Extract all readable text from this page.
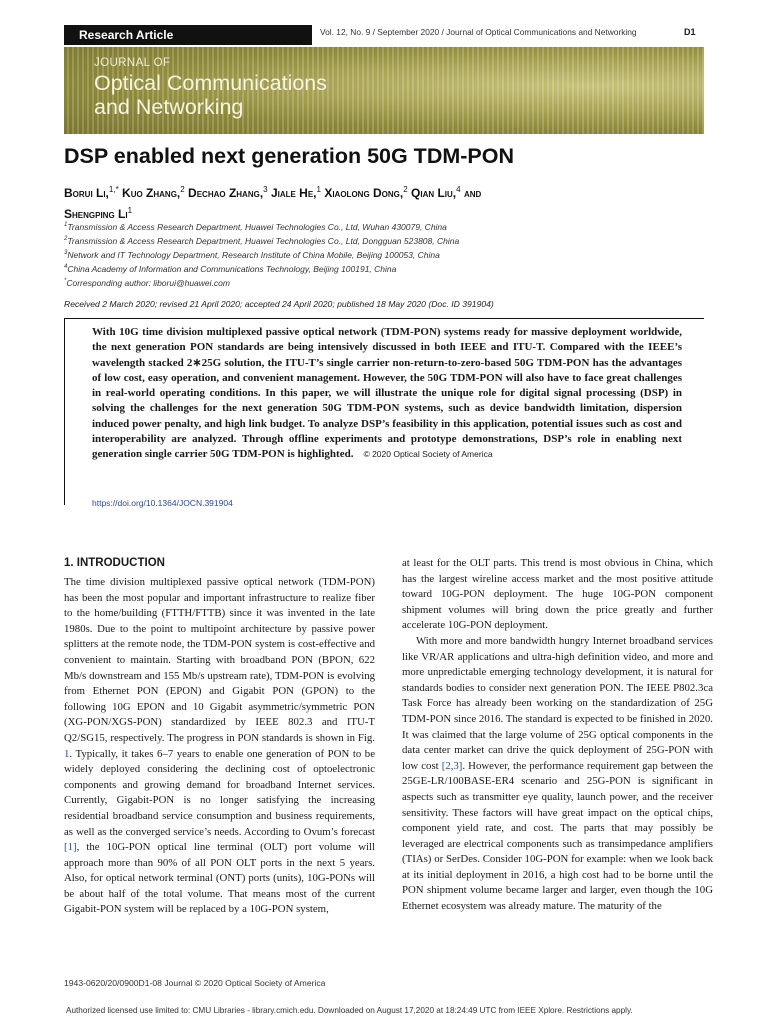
Research Article	Vol. 12, No. 9 / September 2020 / Journal of Optical Communications and Networking	D1
JOURNAL OF
Optical Communications
and Networking
DSP enabled next generation 50G TDM-PON
Borui Li,$^{1,*}$ Kuo Zhang,$^2$ Dechao Zhang,$^3$ Jiale He,$^1$ Xiaolong Dong,$^2$ Qian Liu,$^4$ and
Shengping Li$^1$
$^1$Transmission & Access Research Department, Huawei Technologies Co., Ltd, Wuhan 430079, China
$^2$Transmission & Access Research Department, Huawei Technologies Co., Ltd, Dongguan 523808, China
$^3$Network and IT Technology Department, Research Institute of China Mobile, Beijing 100053, China
$^4$China Academy of Information and Communications Technology, Beijing 100191, China
*Corresponding author: liborui@huawei.com
Received 2 March 2020; revised 21 April 2020; accepted 24 April 2020; published 18 May 2020 (Doc. ID 391904)
With 10G time division multiplexed passive optical network (TDM-PON) systems ready for massive deployment worldwide, the next generation PON standards are being intensively discussed in both IEEE and ITU-T. Compared with the IEEE’s wavelength stacked 2∗25G solution, the ITU-T’s single carrier non-return-to-zero-based 50G TDM-PON has the advantages of low cost, easy operation, and convenient management. However, the 50G TDM-PON will also have to face great challenges in real-world operating conditions. In this paper, we will illustrate the unique role for digital signal processing (DSP) in solving the challenges for the next generation 50G TDM-PON systems, such as device bandwidth limitation, dispersion induced power penalty, and high link budget. To analyze DSP’s feasibility in this application, potential issues such as cost and interoperability are analyzed. Through offline experiments and prototype demonstrations, DSP’s role in enabling next generation single carrier 50G TDM-PON is highlighted. © 2020 Optical Society of America
https://doi.org/10.1364/JOCN.391904
1. INTRODUCTION

The time division multiplexed passive optical network (TDM-PON) has been the most popular and important infrastructure to realize fiber to the home/building (FTTH/FTTB) since it was invented in the late 1980s. Due to the point to multipoint architecture by passive power splitters at the remote node, the TDM-PON system is cost-effective and convenient to maintain. Starting with broadband PON (BPON, 622 Mb/s downstream and 155 Mb/s upstream rate), TDM-PON is evolving from Ethernet PON (EPON) and Gigabit PON (GPON) to the following 10G EPON and 10 Gigabit asymmetric/symmetric PON (XG-PON/XGS-PON) standardized by IEEE 802.3 and ITU-T Q2/SG15, respectively. The progress in PON standards is shown in Fig. 1. Typically, it takes 6–7 years to enable one generation of PON to be widely deployed considering the declining cost of optoelectronic components and growing demand for broadband Internet services. Currently, Gigabit-PON is no longer satisfying the increasing residential broadband service consumption and business requirements, as well as the converged service’s needs. According to Ovum’s forecast [1], the 10G-PON optical line terminal (OLT) port volume will approach more than 90% of all PON OLT ports in the next 5 years. Also, for optical network terminal (ONT) ports (units), 10G-PONs will be about half of the total volume. That means most of the current Gigabit-PON system will be replaced by a 10G-PON system,

at least for the OLT parts. This trend is most obvious in China, which has the largest wireline access market and the most positive attitude toward 10G-PON deployment. The huge 10G-PON component shipment volumes will bring down the price greatly and further accelerate 10G-PON deployment.

With more and more bandwidth hungry Internet broadband services like VR/AR applications and ultra-high definition video, and more and more unpredictable emerging technology development, it is natural for standards bodies to consider next generation PON. The IEEE P802.3ca Task Force has already been working on the standardization of 25G TDM-PON since 2016. The standard is expected to be finished in 2020. It was claimed that the large volume of 25G optical components in the data center market can drive the quick deployment of 25G-PON with low cost [2,3]. However, the performance requirement gap between the 25GE-LR/100BASE-ER4 scenario and 25G-PON is significant in aspects such as transmitter eye quality, launch power, and the receiver sensitivity. These factors will have great impact on the optical chips, component yield rate, and cost. The parts that may possibly be leveraged are electrical components such as transimpedance amplifiers (TIAs) or SerDes. Consider 10G-PON for example: when we look back at its initial deployment in 2016, a high cost had to be borne until the PON shipment volume became larger and larger, even though the 10G Ethernet ecosystem was already mature. The maturity of the

1943-0620/20/0900D1-08 Journal © 2020 Optical Society of America
Authorized licensed use limited to: CMU Libraries - library.cmich.edu. Downloaded on August 17,2020 at 18:24:49 UTC from IEEE Xplore. Restrictions apply.
